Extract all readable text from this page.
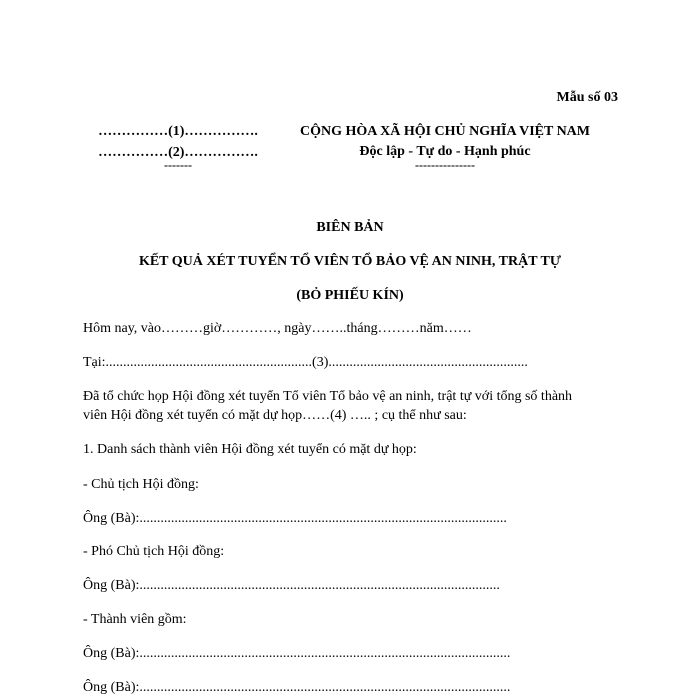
Mẫu số 03
……………(1)…………….
……………(2)…………….
-------
CỘNG HÒA XÃ HỘI CHỦ NGHĨA VIỆT NAM
Độc lập - Tự do - Hạnh phúc
---------------
BIÊN BẢN
KẾT QUẢ XÉT TUYỂN TỔ VIÊN TỔ BẢO VỆ AN NINH, TRẬT TỰ
(BỎ PHIẾU KÍN)
Hôm nay, vào………giờ…………, ngày……..tháng………năm……
Tại:...........................................................(3).........................................................
Đã tổ chức họp Hội đồng xét tuyển Tổ viên Tổ bảo vệ an ninh, trật tự với tổng số thành
viên Hội đồng xét tuyển có mặt dự họp……(4) ….. ; cụ thể như sau:
1. Danh sách thành viên Hội đồng xét tuyển có mặt dự họp:
- Chủ tịch Hội đồng:
Ông (Bà):.........................................................................................................
- Phó Chủ tịch Hội đồng:
Ông (Bà):.......................................................................................................
- Thành viên gồm:
Ông (Bà):..........................................................................................................
Ông (Bà):..........................................................................................................
